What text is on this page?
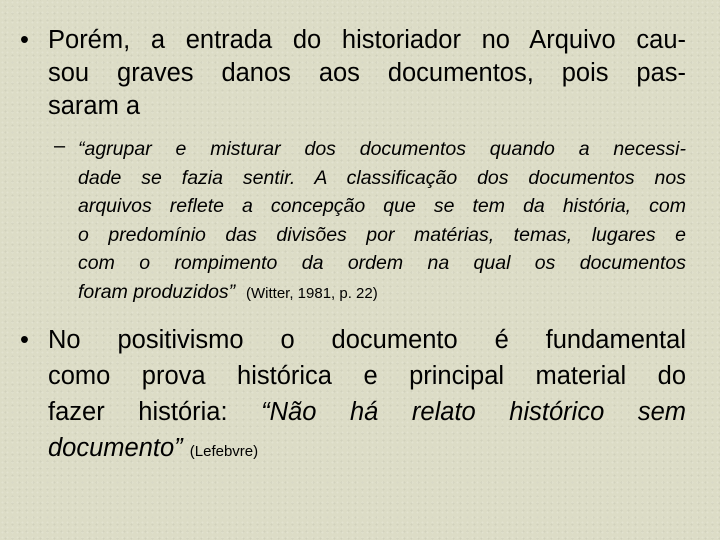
• Porém, a entrada do historiador no Arquivo cau-
sou graves danos aos documentos, pois pas-
saram a
– “agrupar e misturar dos documentos quando a necessi-
dade se fazia sentir. A classificação dos documentos nos
arquivos reflete a concepção que se tem da história, com
o predomínio das divisões por matérias, temas, lugares e
com o rompimento da ordem na qual os documentos
foram produzidos” (Witter, 1981, p. 22)
• No positivismo o documento é fundamental
como prova histórica e principal material do
fazer história: “Não há relato histórico sem
documento” (Lefebvre)
